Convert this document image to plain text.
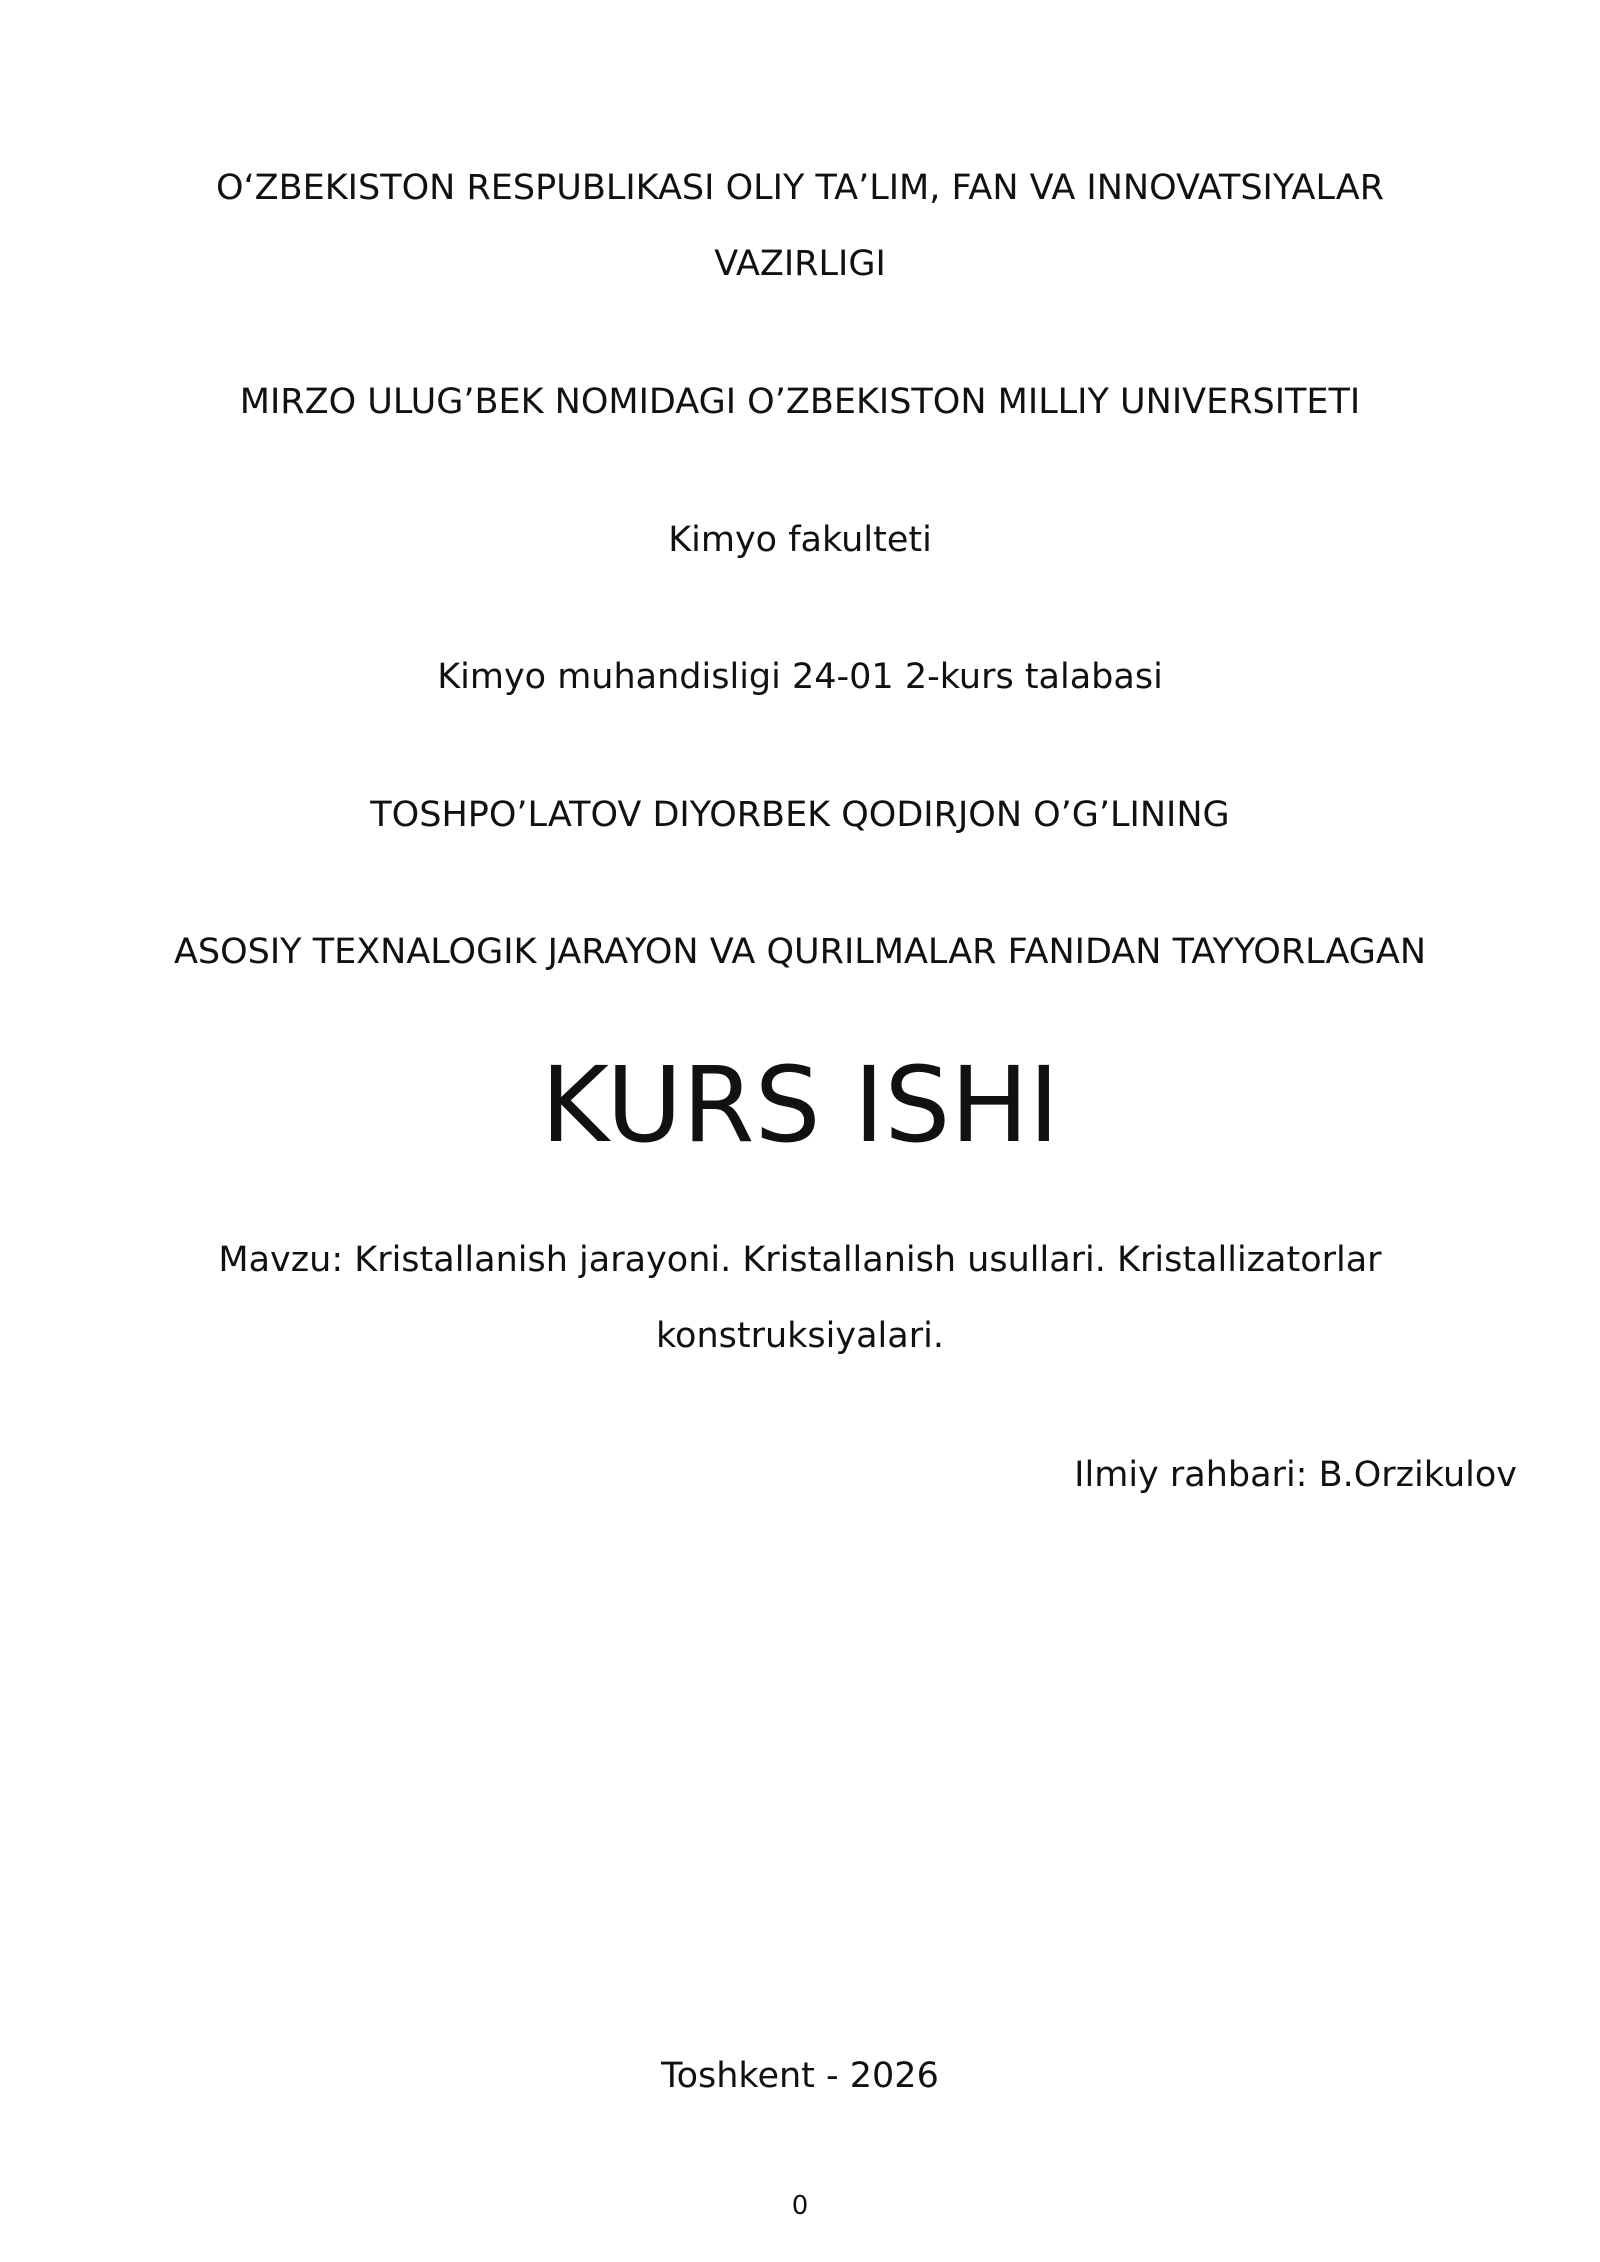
O‘ZBEKISTON RESPUBLIKASI OLIY TA’LIM, FAN VA INNOVATSIYALAR
VAZIRLIGI
MIRZO ULUG’BEK NOMIDAGI O’ZBEKISTON MILLIY UNIVERSITETI
Kimyo fakulteti
Kimyo muhandisligi 24-01 2-kurs talabasi
TOSHPO’LATOV DIYORBEK QODIRJON O’G’LINING
ASOSIY TEXNALOGIK JARAYON VA QURILMALAR FANIDAN TAYYORLAGAN
KURS ISHI
Mavzu: Kristallanish jarayoni. Kristallanish usullari. Kristallizatorlar
konstruksiyalari.
Ilmiy rahbari: B.Orzikulov
Toshkent - 2026
0
